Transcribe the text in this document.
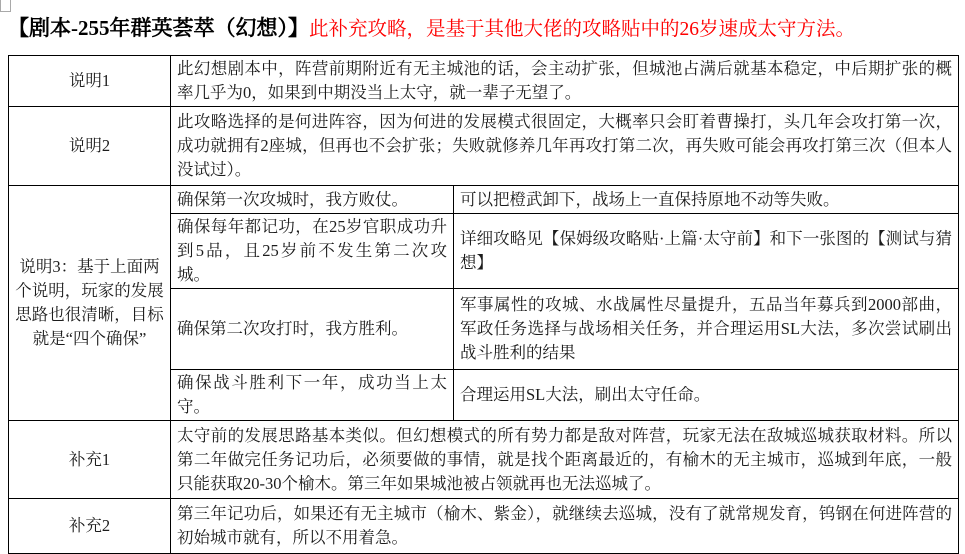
【剧本-255年群英荟萃（幻想）】此补充攻略，是基于其他大佬的攻略贴中的26岁速成太守方法。
说明1	此幻想剧本中，阵营前期附近有无主城池的话，会主动扩张，但城池占满后就基本稳定，中后期扩张的概率几乎为0，如果到中期没当上太守，就一辈子无望了。	
说明2	此攻略选择的是何进阵容，因为何进的发展模式很固定，大概率只会盯着曹操打，头几年会攻打第一次，成功就拥有2座城，但再也不会扩张；失败就修养几年再攻打第二次，再失败可能会再攻打第三次（但本人没试过）。	
说明3：基于上面两个说明，玩家的发展思路也很清晰，目标就是“四个确保”	确保第一次攻城时，我方败仗。	可以把橙武卸下，战场上一直保持原地不动等失败。
	确保每年都记功，在25岁官职成功升到5品，且25岁前不发生第二次攻城。	详细攻略见【保姆级攻略贴·上篇·太守前】和下一张图的【测试与猜想】
	确保第二次攻打时，我方胜利。	军事属性的攻城、水战属性尽量提升，五品当年募兵到2000部曲，军政任务选择与战场相关任务，并合理运用SL大法，多次尝试刷出战斗胜利的结果
	确保战斗胜利下一年，成功当上太守。	合理运用SL大法，刷出太守任命。
补充1	太守前的发展思路基本类似。但幻想模式的所有势力都是敌对阵营，玩家无法在敌城巡城获取材料。所以第二年做完任务记功后，必须要做的事情，就是找个距离最近的，有榆木的无主城市，巡城到年底，一般只能获取20-30个榆木。第三年如果城池被占领就再也无法巡城了。	
补充2	第三年记功后，如果还有无主城市（榆木、紫金），就继续去巡城，没有了就常规发育，钨钢在何进阵营的初始城市就有，所以不用着急。	
